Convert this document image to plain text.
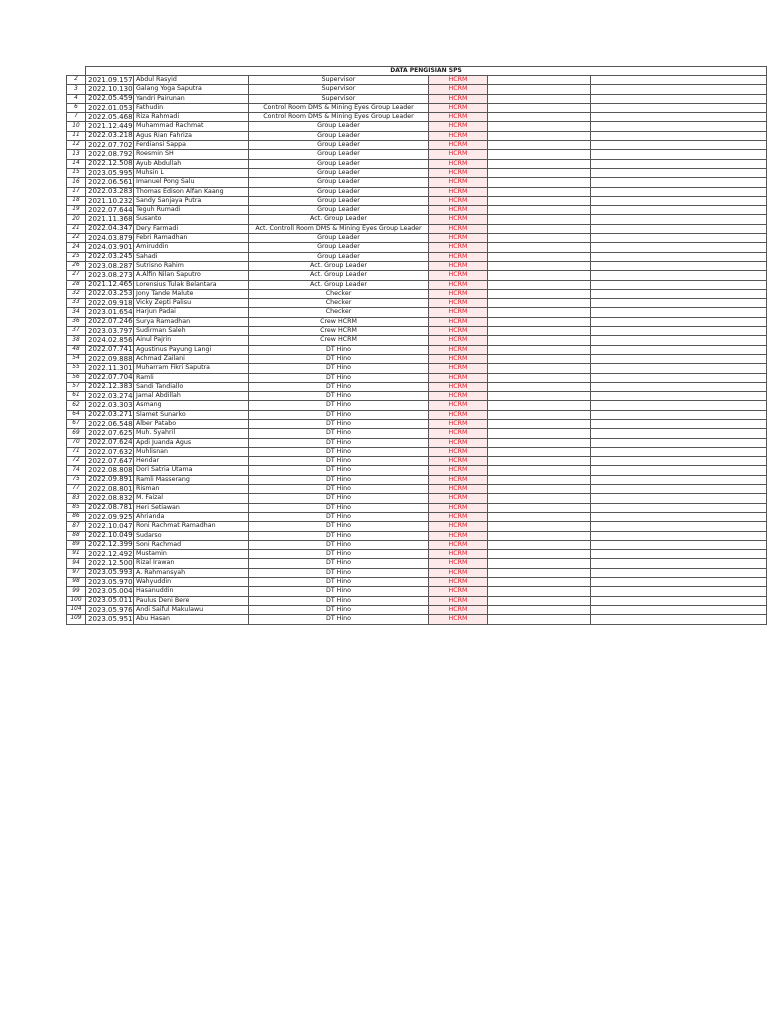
	DATA PENGISIAN SPS					
2	2021.09.157	Abdul Rasyid	Supervisor	HCRM		
3	2022.10.130	Galang Yoga Saputra	Supervisor	HCRM		
4	2022.05.459	Yandri Pairunan	Supervisor	HCRM		
6	2022.01.053	Fathudin	Control Room DMS & Mining Eyes Group Leader	HCRM		
7	2022.05.468	Riza Rahmadi	Control Room DMS & Mining Eyes Group Leader	HCRM		
10	2021.12.449	Muhammad Rachmat	Group Leader	HCRM		
11	2022.03.218	Agus Rian Fahriza	Group Leader	HCRM		
12	2022.07.702	Ferdiansi Sappa	Group Leader	HCRM		
13	2022.08.792	Roesmin SH	Group Leader	HCRM		
14	2022.12.508	Ayub Abdullah	Group Leader	HCRM		
15	2023.05.995	Muhsin L	Group Leader	HCRM		
16	2022.06.561	Imanuel Pong Salu	Group Leader	HCRM		
17	2022.03.283	Thomas Edison Alfan Kaang	Group Leader	HCRM		
18	2021.10.232	Sandy Sanjaya Putra	Group Leader	HCRM		
19	2022.07.644	Teguh Rumadi	Group Leader	HCRM		
20	2021.11.368	Susanto	Act. Group Leader	HCRM		
21	2022.04.347	Dery Farmadi	Act. Controll Room DMS & Mining Eyes Group Leader	HCRM		
22	2024.03.879	Febri Ramadhan	Group Leader	HCRM		
24	2024.03.901	Amiruddin	Group Leader	HCRM		
25	2022.03.245	Sahadi	Group Leader	HCRM		
26	2023.08.287	Sutrisno Rahim	Act. Group Leader	HCRM		
27	2023.08.273	A.Alfin Nilan Saputro	Act. Group Leader	HCRM		
28	2021.12.465	Lorensius Tulak Belantara	Act. Group Leader	HCRM		
32	2022.03.253	Jony Tande Malute	Checker	HCRM		
33	2022.09.918	Vicky Zepti Palisu	Checker	HCRM		
34	2023.01.654	Harjun Padai	Checker	HCRM		
36	2022.07.246	Surya Ramadhan	Crew HCRM	HCRM		
37	2023.03.797	Sudirman Saleh	Crew HCRM	HCRM		
38	2024.02.856	Ainul Pajrin	Crew HCRM	HCRM		
48	2022.07.741	Agustinus Payung Langi	DT Hino	HCRM		
54	2022.09.888	Achmad Zailani	DT Hino	HCRM		
55	2022.11.301	Muharram Fikri Saputra	DT Hino	HCRM		
56	2022.07.704	Ramli	DT Hino	HCRM		
57	2022.12.383	Sandi Tandiallo	DT Hino	HCRM		
61	2022.03.274	Jamal Abdillah	DT Hino	HCRM		
62	2022.03.303	Asmang	DT Hino	HCRM		
64	2022.03.271	Slamet Sunarko	DT Hino	HCRM		
67	2022.06.548	Alber Patabo	DT Hino	HCRM		
69	2022.07.625	Muh. Syahril	DT Hino	HCRM		
70	2022.07.624	Apdi Juanda Agus	DT Hino	HCRM		
71	2022.07.632	Muhlisnan	DT Hino	HCRM		
72	2022.07.647	Hendar	DT Hino	HCRM		
74	2022.08.808	Dori Satria Utama	DT Hino	HCRM		
75	2022.09.891	Ramli Masserang	DT Hino	HCRM		
77	2022.08.801	Risman	DT Hino	HCRM		
83	2022.08.832	M. Faizal	DT Hino	HCRM		
85	2022.08.781	Heri Setiawan	DT Hino	HCRM		
86	2022.09.925	Ahrianda	DT Hino	HCRM		
87	2022.10.047	Roni Rachmat Ramadhan	DT Hino	HCRM		
88	2022.10.049	Sudarso	DT Hino	HCRM		
89	2022.12.399	Soni Rachmad	DT Hino	HCRM		
91	2022.12.492	Mustamin	DT Hino	HCRM		
94	2022.12.500	Rizal Irawan	DT Hino	HCRM		
97	2023.05.993	A. Rahmansyah	DT Hino	HCRM		
98	2023.05.970	Wahyuddin	DT Hino	HCRM		
99	2023.05.004	Hasanuddin	DT Hino	HCRM		
100	2023.05.011	Paulus Deni Bere	DT Hino	HCRM		
104	2023.05.976	Andi Saiful Makulawu	DT Hino	HCRM		
109	2023.05.951	Abu Hasan	DT Hino	HCRM		
